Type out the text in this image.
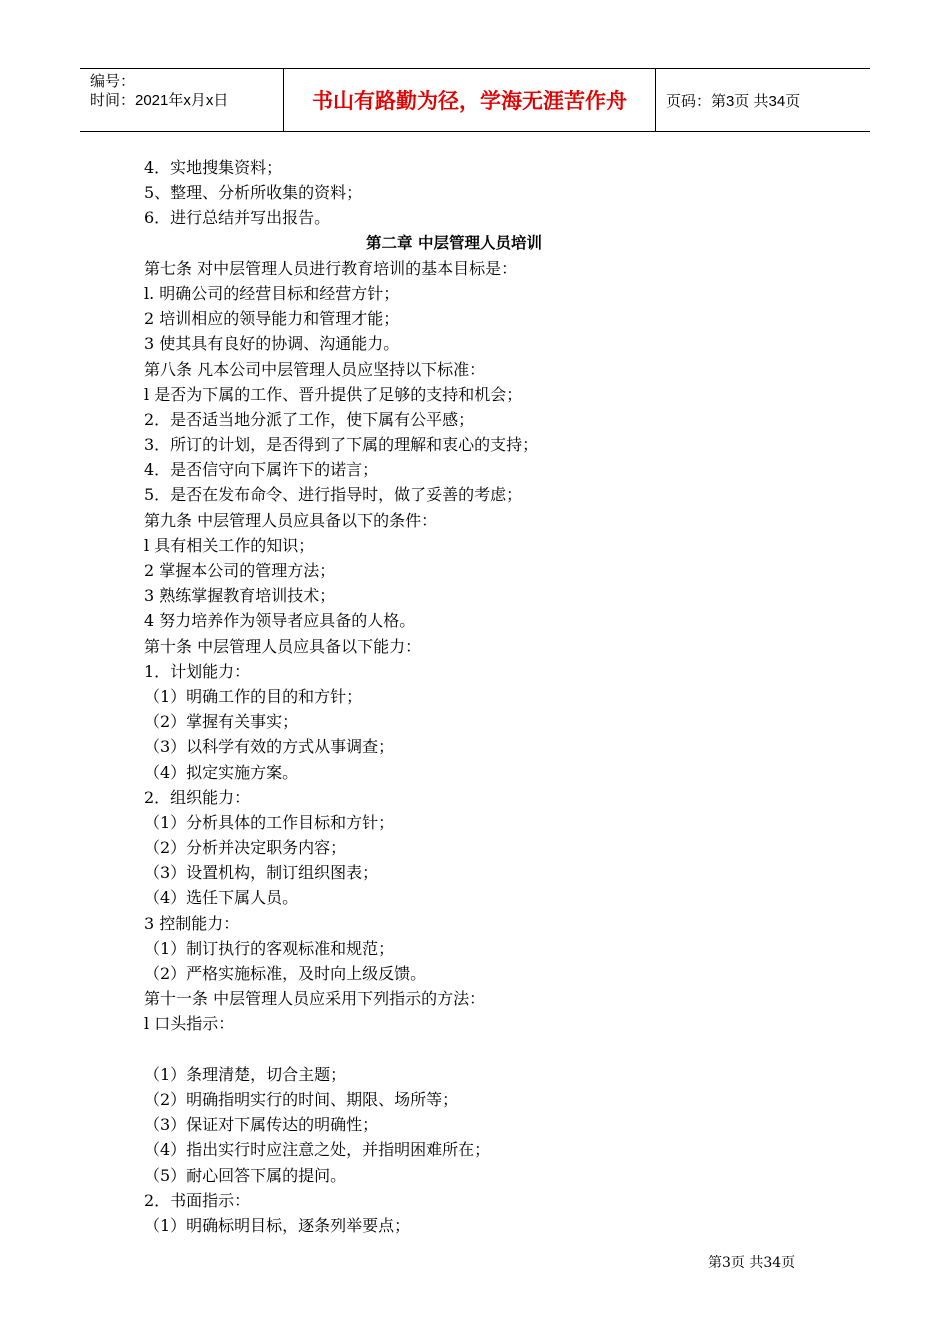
编号：
时间：2021年x月x日	书山有路勤为径，学海无涯苦作舟	页码：第3页 共34页
4．实地搜集资料；
5、整理、分析所收集的资料；
6．进行总结并写出报告。
第二章 中层管理人员培训
第七条 对中层管理人员进行教育培训的基本目标是：
l. 明确公司的经营目标和经营方针；
2 培训相应的领导能力和管理才能；
3 使其具有良好的协调、沟通能力。
第八条 凡本公司中层管理人员应坚持以下标准：
l 是否为下属的工作、晋升提供了足够的支持和机会；
2．是否适当地分派了工作，使下属有公平感；
3．所订的计划，是否得到了下属的理解和衷心的支持；
4．是否信守向下属许下的诺言；
5．是否在发布命令、进行指导时，做了妥善的考虑；
第九条 中层管理人员应具备以下的条件：
l 具有相关工作的知识；
2 掌握本公司的管理方法；
3 熟练掌握教育培训技术；
4 努力培养作为领导者应具备的人格。
第十条 中层管理人员应具备以下能力：
1．计划能力：
（1）明确工作的目的和方针；
（2）掌握有关事实；
（3）以科学有效的方式从事调查；
（4）拟定实施方案。
2．组织能力：
（1）分析具体的工作目标和方针；
（2）分析并决定职务内容；
（3）设置机构，制订组织图表；
（4）选任下属人员。
3 控制能力：
（1）制订执行的客观标准和规范；
（2）严格实施标准，及时向上级反馈。
第十一条 中层管理人员应采用下列指示的方法：
l 口头指示：
（1）条理清楚，切合主题；
（2）明确指明实行的时间、期限、场所等；
（3）保证对下属传达的明确性；
（4）指出实行时应注意之处，并指明困难所在；
（5）耐心回答下属的提问。
2．书面指示：
（1）明确标明目标，逐条列举要点；
第3页 共34页
